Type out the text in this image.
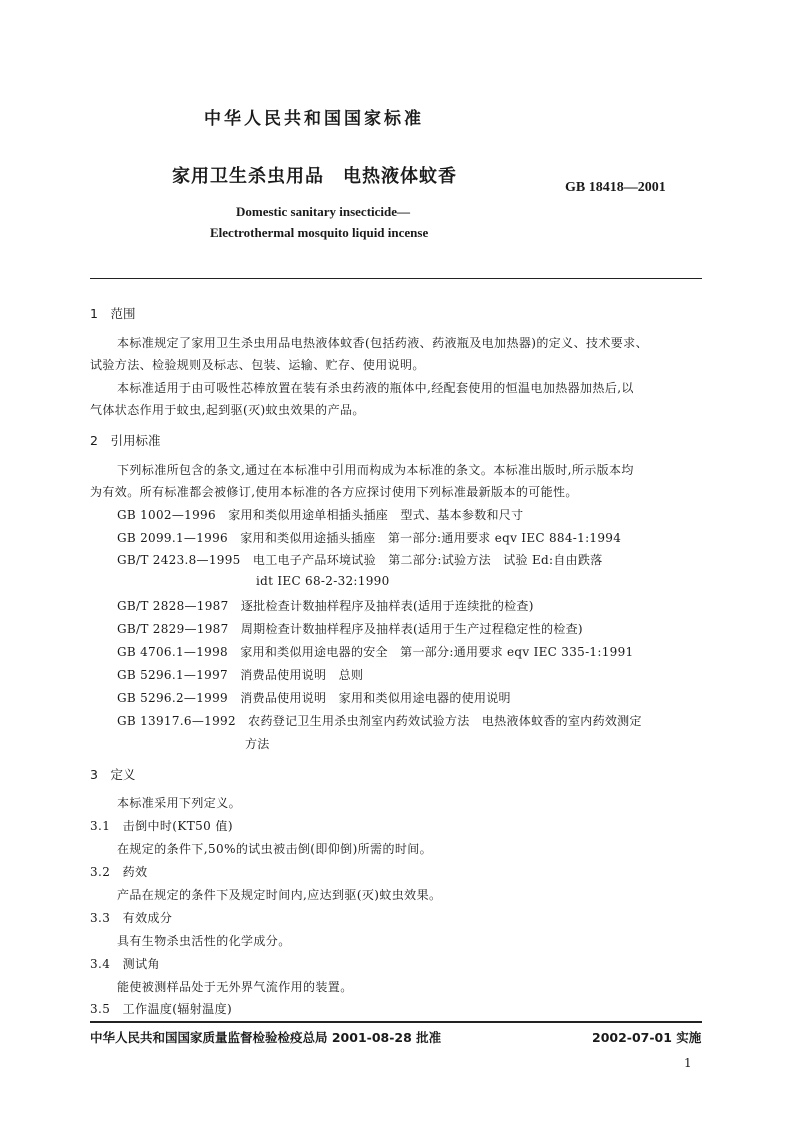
中华人民共和国国家标准
家用卫生杀虫用品　电热液体蚊香
GB 18418—2001
Domestic sanitary insecticide—
Electrothermal mosquito liquid incense
1　范围
本标准规定了家用卫生杀虫用品电热液体蚊香(包括药液、药液瓶及电加热器)的定义、技术要求、
试验方法、检验规则及标志、包装、运输、贮存、使用说明。
本标准适用于由可吸性芯棒放置在装有杀虫药液的瓶体中,经配套使用的恒温电加热器加热后,以
气体状态作用于蚊虫,起到驱(灭)蚊虫效果的产品。
2　引用标准
下列标准所包含的条文,通过在本标准中引用而构成为本标准的条文。本标准出版时,所示版本均
为有效。所有标准都会被修订,使用本标准的各方应探讨使用下列标准最新版本的可能性。
GB 1002—1996　家用和类似用途单相插头插座　型式、基本参数和尺寸
GB 2099.1—1996　家用和类似用途插头插座　第一部分:通用要求 eqv IEC 884-1:1994
GB/T 2423.8—1995　电工电子产品环境试验　第二部分:试验方法　试验 Ed:自由跌落
idt IEC 68-2-32:1990
GB/T 2828—1987　逐批检查计数抽样程序及抽样表(适用于连续批的检查)
GB/T 2829—1987　周期检查计数抽样程序及抽样表(适用于生产过程稳定性的检查)
GB 4706.1—1998　家用和类似用途电器的安全　第一部分:通用要求 eqv IEC 335-1:1991
GB 5296.1—1997　消费品使用说明　总则
GB 5296.2—1999　消费品使用说明　家用和类似用途电器的使用说明
GB 13917.6—1992　农药登记卫生用杀虫剂室内药效试验方法　电热液体蚊香的室内药效测定
方法
3　定义
本标准采用下列定义。
3.1　击倒中时(KT50 值)
在规定的条件下,50%的试虫被击倒(即仰倒)所需的时间。
3.2　药效
产品在规定的条件下及规定时间内,应达到驱(灭)蚊虫效果。
3.3　有效成分
具有生物杀虫活性的化学成分。
3.4　测试角
能使被测样品处于无外界气流作用的装置。
3.5　工作温度(辐射温度)
中华人民共和国国家质量监督检验检疫总局 2001-08-28 批准	2002-07-01 实施
1
